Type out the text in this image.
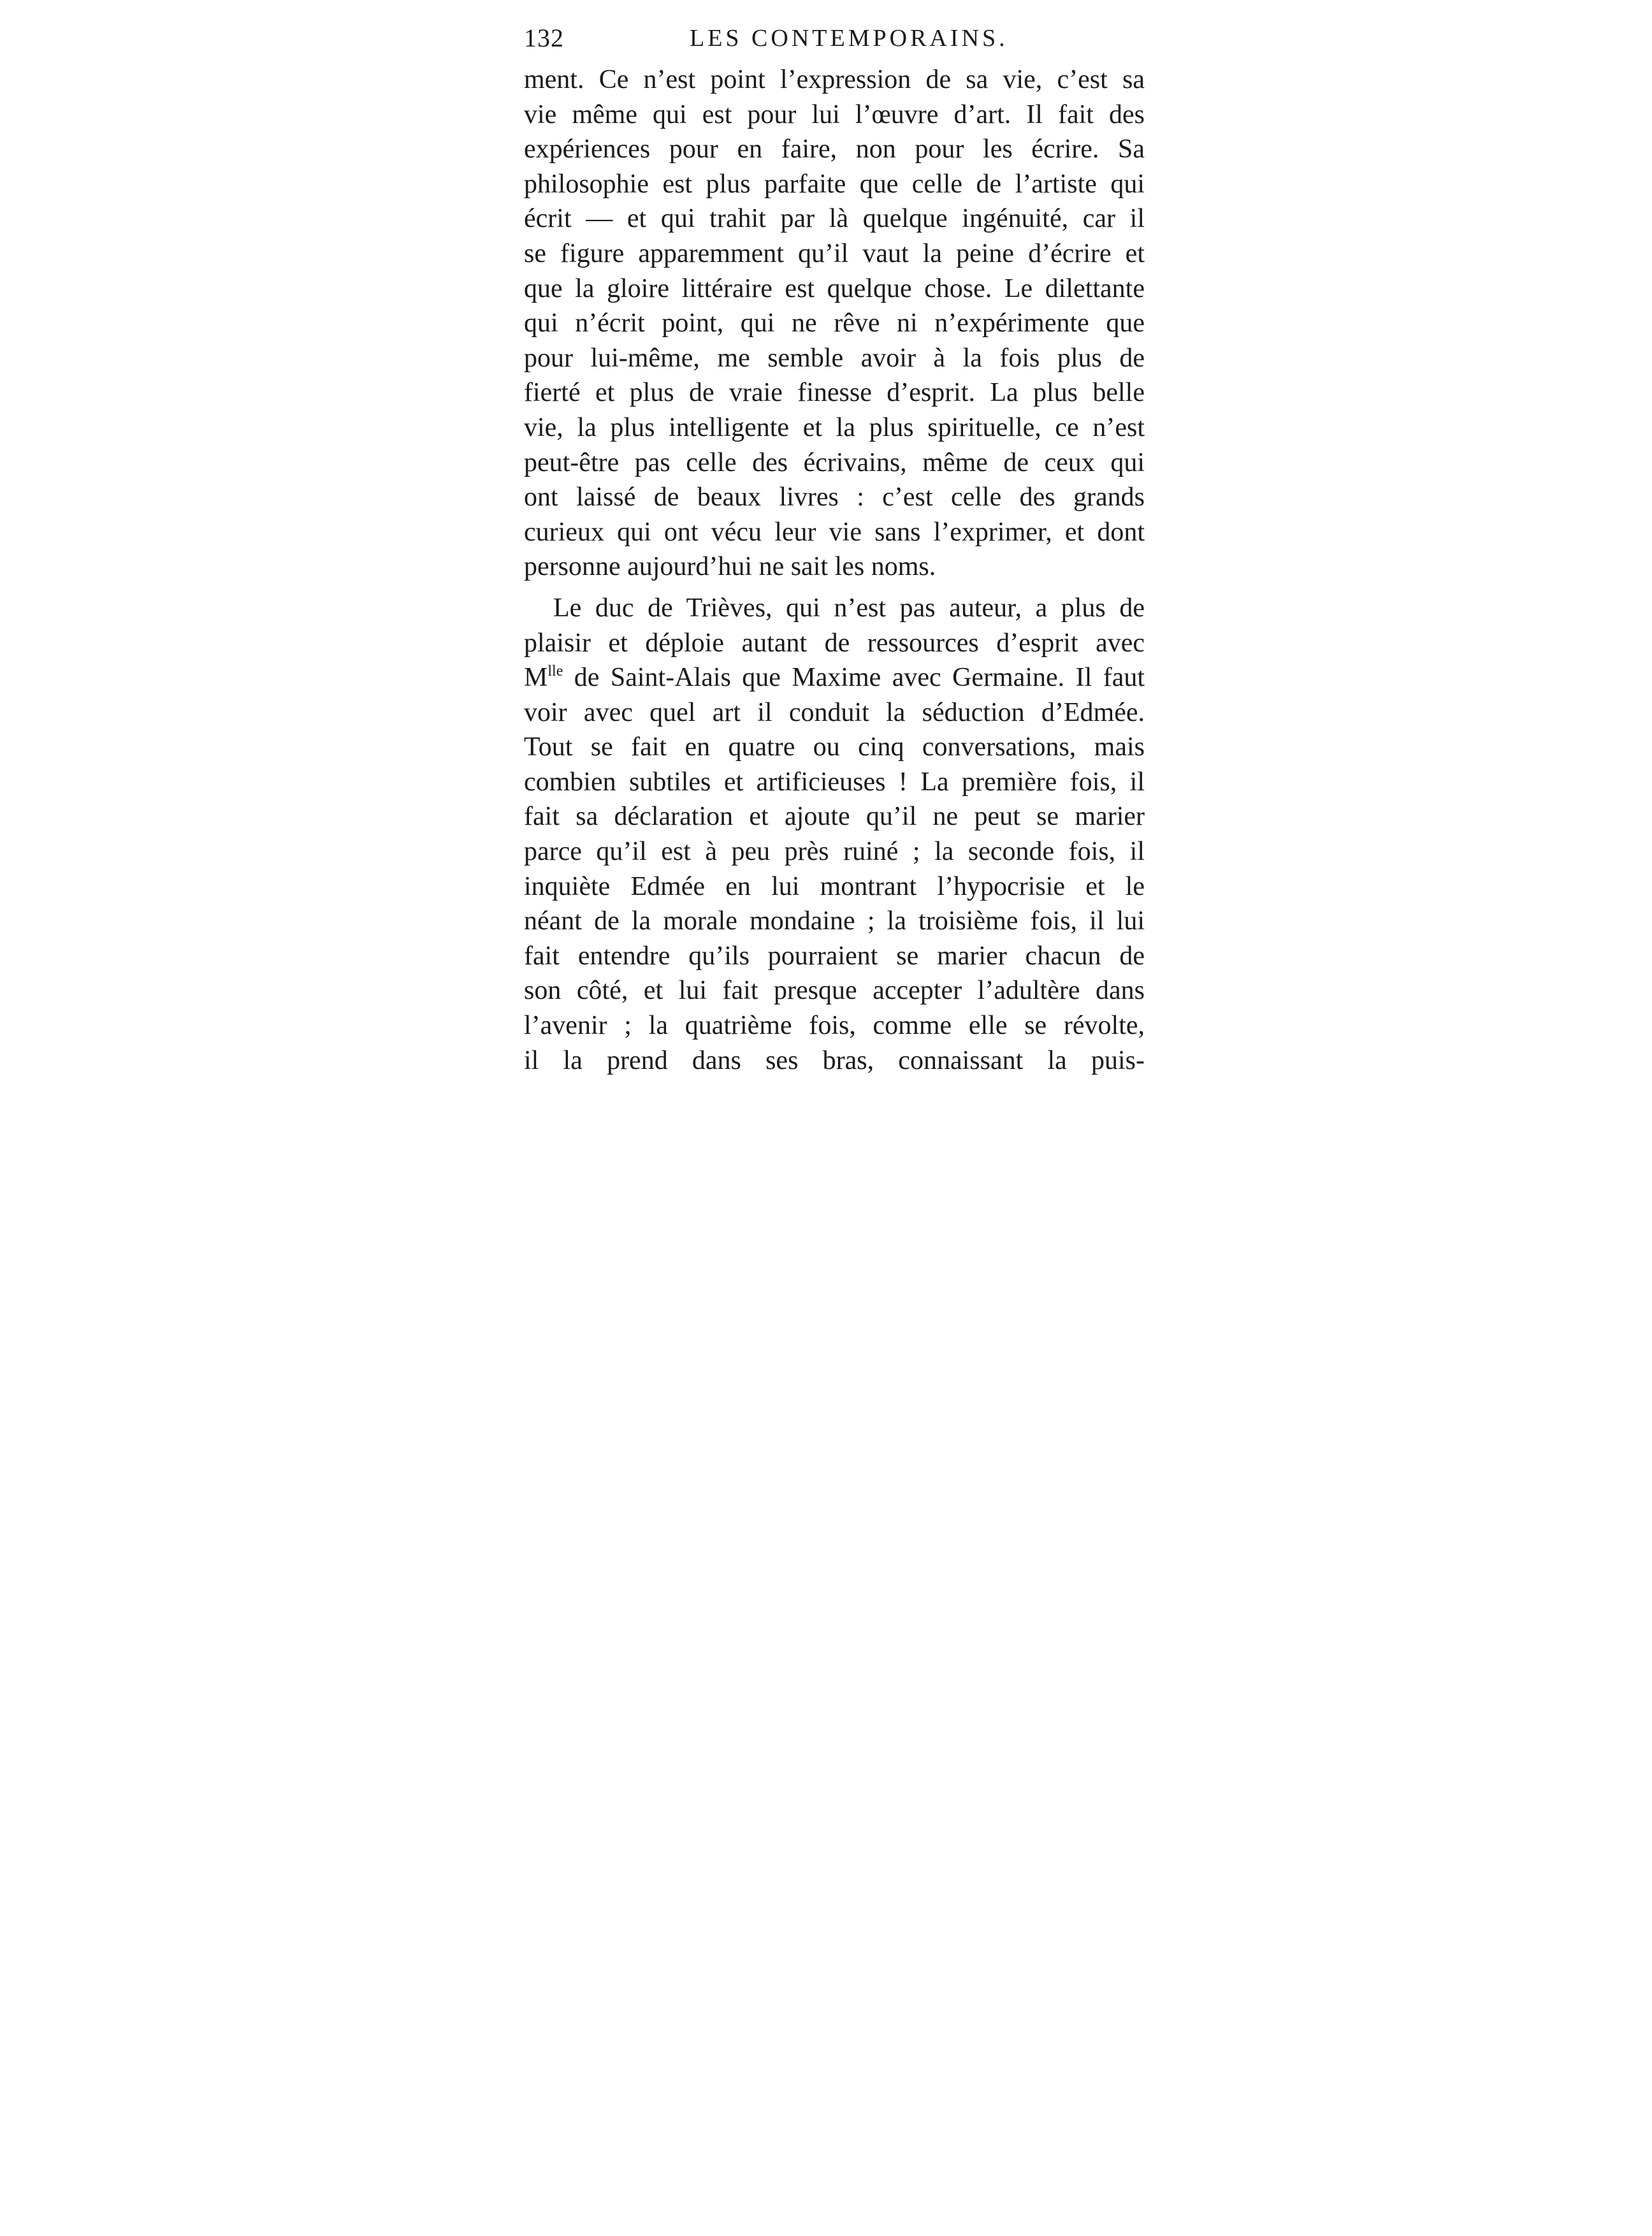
132	LES CONTEMPORAINS.
ment. Ce n’est point l’expression de sa vie, c’est sa
vie même qui est pour lui l’œuvre d’art. Il fait des
expériences pour en faire, non pour les écrire. Sa
philosophie est plus parfaite que celle de l’artiste qui
écrit — et qui trahit par là quelque ingénuité, car il
se figure apparemment qu’il vaut la peine d’écrire et
que la gloire littéraire est quelque chose. Le dilettante
qui n’écrit point, qui ne rêve ni n’expérimente que
pour lui-même, me semble avoir à la fois plus de
fierté et plus de vraie finesse d’esprit. La plus belle
vie, la plus intelligente et la plus spirituelle, ce n’est
peut-être pas celle des écrivains, même de ceux qui
ont laissé de beaux livres : c’est celle des grands
curieux qui ont vécu leur vie sans l’exprimer, et dont
personne aujourd’hui ne sait les noms.
Le duc de Trièves, qui n’est pas auteur, a plus de
plaisir et déploie autant de ressources d’esprit avec
$M^{lle}$ de Saint-Alais que Maxime avec Germaine. Il faut
voir avec quel art il conduit la séduction d’Edmée.
Tout se fait en quatre ou cinq conversations, mais
combien subtiles et artificieuses ! La première fois, il
fait sa déclaration et ajoute qu’il ne peut se marier
parce qu’il est à peu près ruiné ; la seconde fois, il
inquiète Edmée en lui montrant l’hypocrisie et le
néant de la morale mondaine ; la troisième fois, il lui
fait entendre qu’ils pourraient se marier chacun de
son côté, et lui fait presque accepter l’adultère dans
l’avenir ; la quatrième fois, comme elle se révolte,
il la prend dans ses bras, connaissant la puis-
